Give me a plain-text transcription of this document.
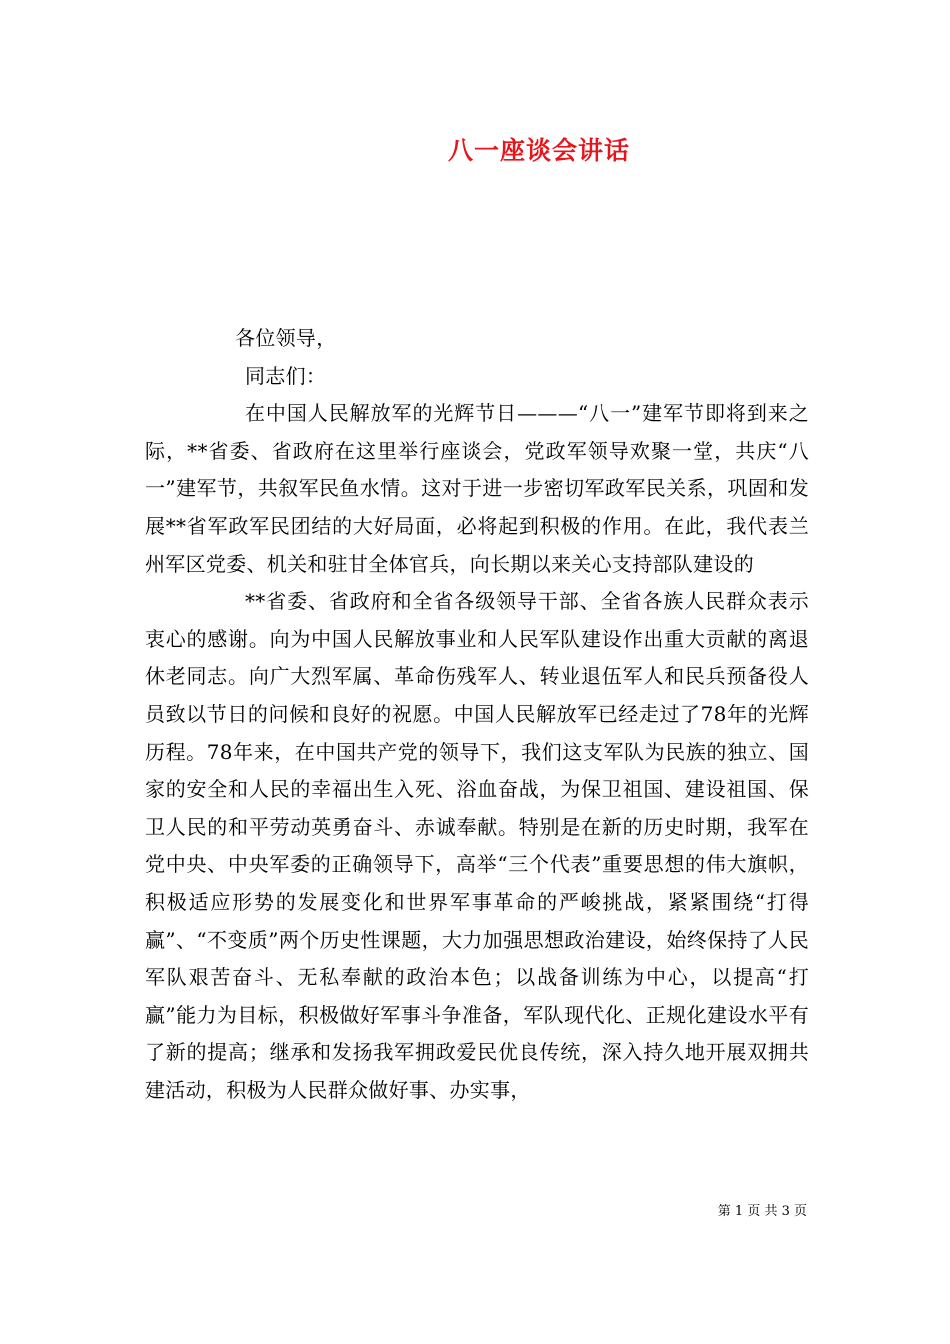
八一座谈会讲话

各位领导，

同志们：

在中国人民解放军的光辉节日———“八一”建军节即将到来之际，**省委、省政府在这里举行座谈会，党政军领导欢聚一堂，共庆“八一”建军节，共叙军民鱼水情。这对于进一步密切军政军民关系，巩固和发展**省军政军民团结的大好局面，必将起到积极的作用。在此，我代表兰州军区党委、机关和驻甘全体官兵，向长期以来关心支持部队建设的

**省委、省政府和全省各级领导干部、全省各族人民群众表示衷心的感谢。向为中国人民解放事业和人民军队建设作出重大贡献的离退休老同志。向广大烈军属、革命伤残军人、转业退伍军人和民兵预备役人员致以节日的问候和良好的祝愿。中国人民解放军已经走过了78年的光辉历程。78年来，在中国共产党的领导下，我们这支军队为民族的独立、国家的安全和人民的幸福出生入死、浴血奋战，为保卫祖国、建设祖国、保卫人民的和平劳动英勇奋斗、赤诚奉献。特别是在新的历史时期，我军在党中央、中央军委的正确领导下，高举“三个代表”重要思想的伟大旗帜，积极适应形势的发展变化和世界军事革命的严峻挑战，紧紧围绕“打得赢”、“不变质”两个历史性课题，大力加强思想政治建设，始终保持了人民军队艰苦奋斗、无私奉献的政治本色；以战备训练为中心，以提高“打赢”能力为目标，积极做好军事斗争准备，军队现代化、正规化建设水平有了新的提高；继承和发扬我军拥政爱民优良传统，深入持久地开展双拥共建活动，积极为人民群众做好事、办实事，

第 1 页 共 3 页
